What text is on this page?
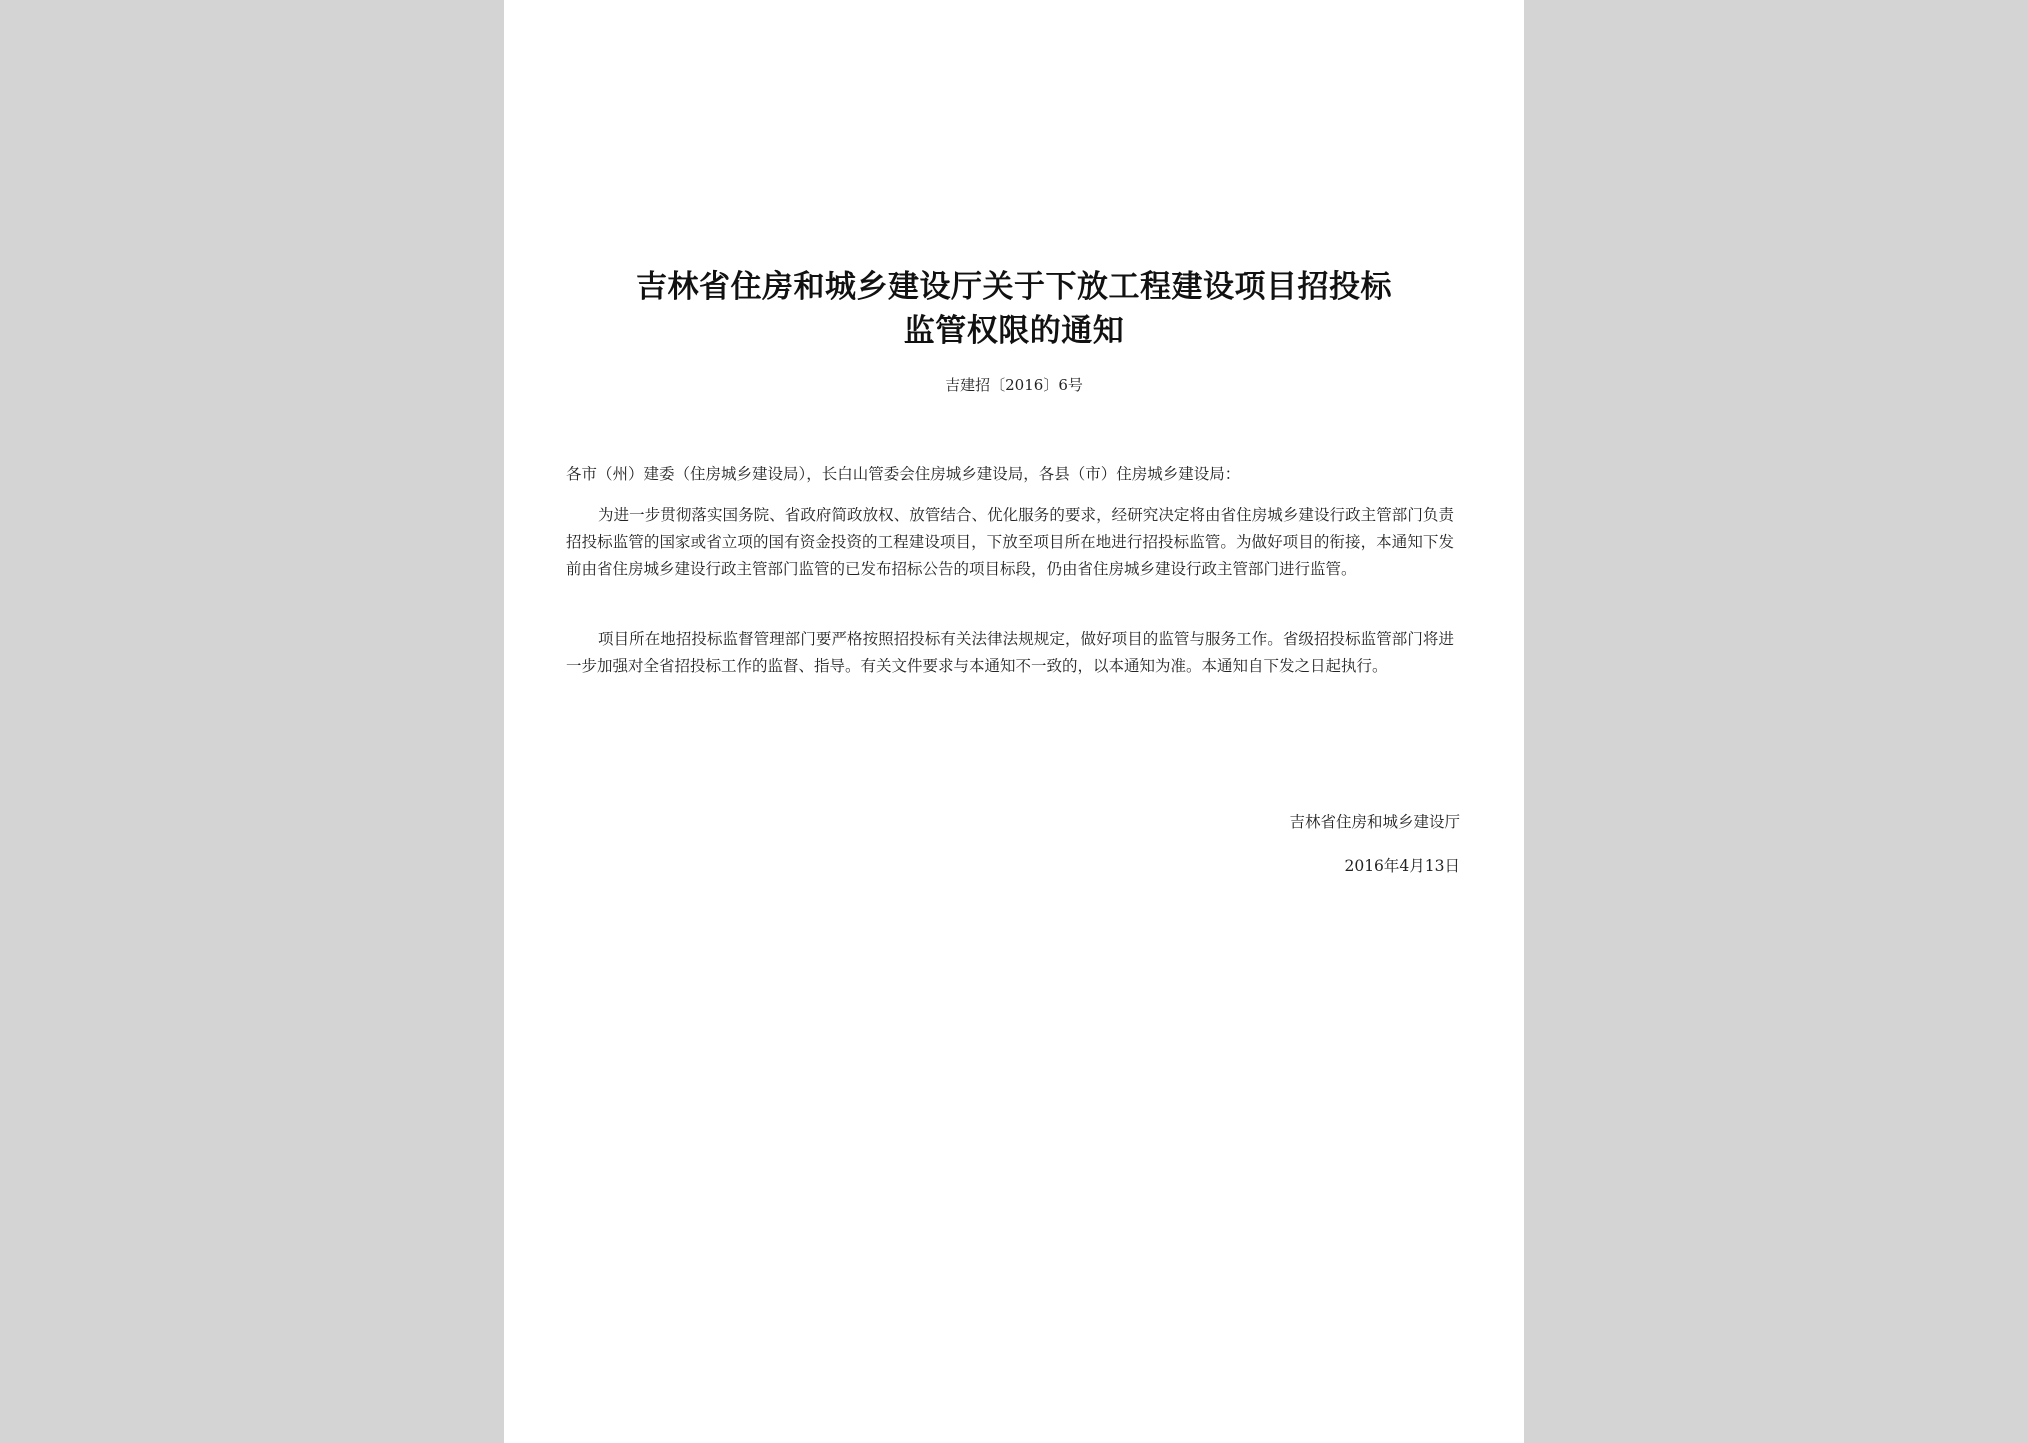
吉林省住房和城乡建设厅关于下放工程建设项目招投标
监管权限的通知
吉建招〔2016〕6号
各市（州）建委（住房城乡建设局），长白山管委会住房城乡建设局，各县（市）住房城乡建设局：

为进一步贯彻落实国务院、省政府简政放权、放管结合、优化服务的要求，经研究决定将由省住房城乡建设行政主管部门负责招投标监管的国家或省立项的国有资金投资的工程建设项目，下放至项目所在地进行招投标监管。为做好项目的衔接，本通知下发前由省住房城乡建设行政主管部门监管的已发布招标公告的项目标段，仍由省住房城乡建设行政主管部门进行监管。

项目所在地招投标监督管理部门要严格按照招投标有关法律法规规定，做好项目的监管与服务工作。省级招投标监管部门将进一步加强对全省招投标工作的监督、指导。有关文件要求与本通知不一致的，以本通知为准。本通知自下发之日起执行。

吉林省住房和城乡建设厅
2016年4月13日
